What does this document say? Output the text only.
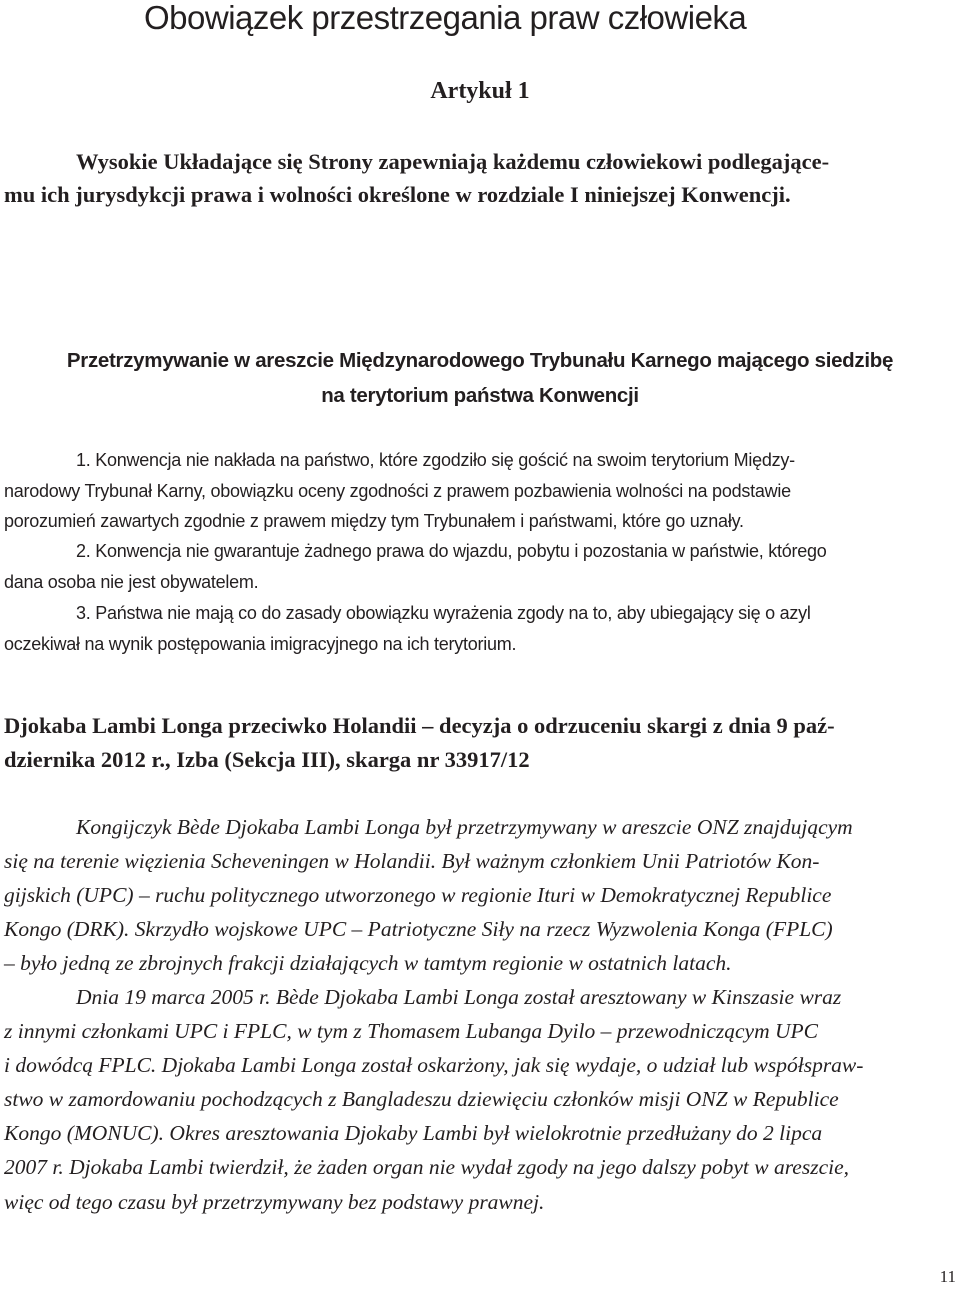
Obowiązek przestrzegania praw człowieka
Artykuł 1

Wysokie Układające się Strony zapewniają każdemu człowiekowi podlegające-
mu ich jurysdykcji prawa i wolności określone w rozdziale I niniejszej Konwencji.

Przetrzymywanie w areszcie Międzynarodowego Trybunału Karnego mającego siedzibę
na terytorium państwa Konwencji

1. Konwencja nie nakłada na państwo, które zgodziło się gościć na swoim terytorium Między-
narodowy Trybunał Karny, obowiązku oceny zgodności z prawem pozbawienia wolności na podstawie
porozumień zawartych zgodnie z prawem między tym Trybunałem i państwami, które go uznały.

2. Konwencja nie gwarantuje żadnego prawa do wjazdu, pobytu i pozostania w państwie, którego
dana osoba nie jest obywatelem.

3. Państwa nie mają co do zasady obowiązku wyrażenia zgody na to, aby ubiegający się o azyl
oczekiwał na wynik postępowania imigracyjnego na ich terytorium.

Djokaba Lambi Longa przeciwko Holandii – decyzja o odrzuceniu skargi z dnia 9 paź-
dziernika 2012 r., Izba (Sekcja III), skarga nr 33917/12

Kongijczyk Bède Djokaba Lambi Longa był przetrzymywany w areszcie ONZ znajdującym
się na terenie więzienia Scheveningen w Holandii. Był ważnym członkiem Unii Patriotów Kon-
gijskich (UPC) – ruchu politycznego utworzonego w regionie Ituri w Demokratycznej Republice
Kongo (DRK). Skrzydło wojskowe UPC – Patriotyczne Siły na rzecz Wyzwolenia Konga (FPLC)
– było jedną ze zbrojnych frakcji działających w tamtym regionie w ostatnich latach.

Dnia 19 marca 2005 r. Bède Djokaba Lambi Longa został aresztowany w Kinszasie wraz
z innymi członkami UPC i FPLC, w tym z Thomasem Lubanga Dyilo – przewodniczącym UPC
i dowódcą FPLC. Djokaba Lambi Longa został oskarżony, jak się wydaje, o udział lub współspraw-
stwo w zamordowaniu pochodzących z Bangladeszu dziewięciu członków misji ONZ w Republice
Kongo (MONUC). Okres aresztowania Djokaby Lambi był wielokrotnie przedłużany do 2 lipca
2007 r. Djokaba Lambi twierdził, że żaden organ nie wydał zgody na jego dalszy pobyt w areszcie,
więc od tego czasu był przetrzymywany bez podstawy prawnej.

11
